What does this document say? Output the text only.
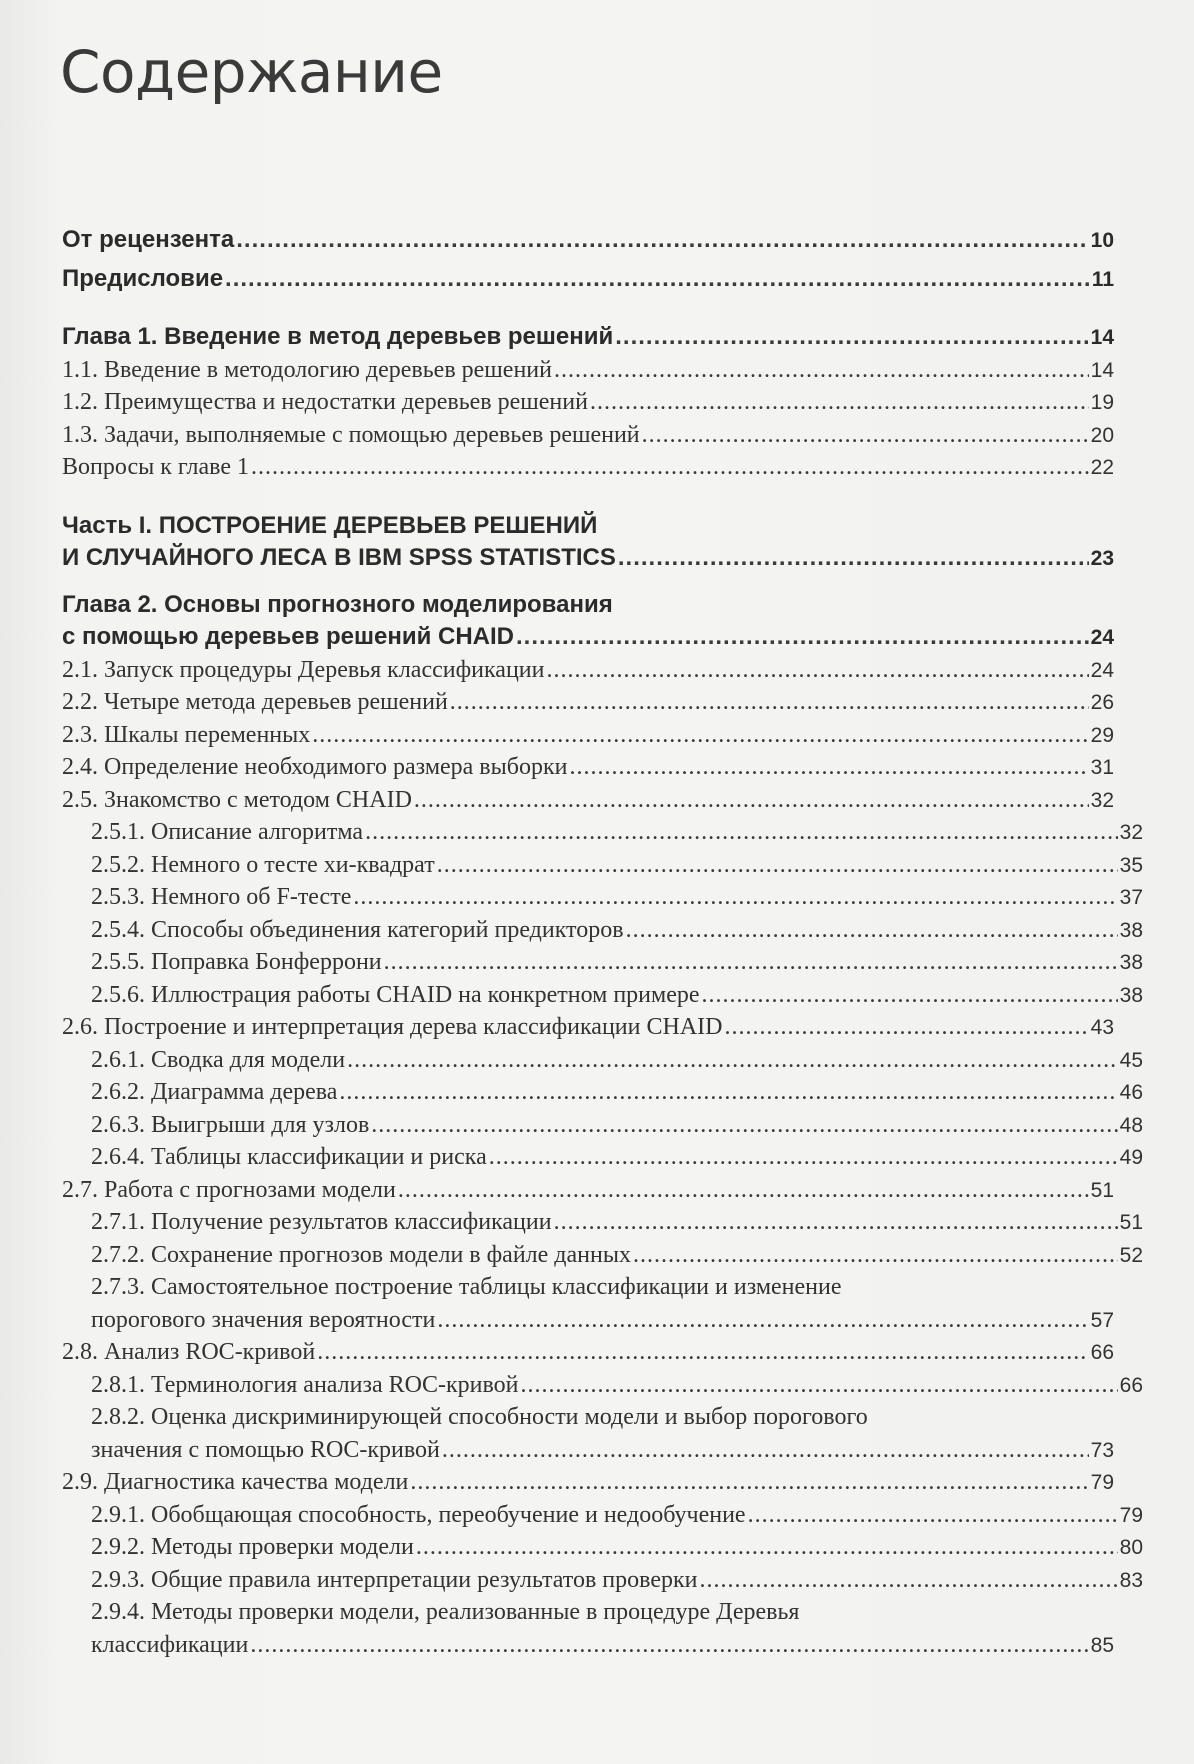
Содержание
От рецензента .....	10
Предисловие .....	11
Глава 1. Введение в метод деревьев решений .....	14
1.1. Введение в методологию деревьев решений .....	14
1.2. Преимущества и недостатки деревьев решений .....	19
1.3. Задачи, выполняемые с помощью деревьев решений .....	20
Вопросы к главе 1 .....	22
Часть I. ПОСТРОЕНИЕ ДЕРЕВЬЕВ РЕШЕНИЙ
И СЛУЧАЙНОГО ЛЕСА В IBM SPSS STATISTICS .....	23
Глава 2. Основы прогнозного моделирования
с помощью деревьев решений CHAID .....	24
2.1. Запуск процедуры Деревья классификации .....	24
2.2. Четыре метода деревьев решений .....	26
2.3. Шкалы переменных .....	29
2.4. Определение необходимого размера выборки .....	31
2.5. Знакомство с методом CHAID .....	32
2.5.1. Описание алгоритма .....	32
2.5.2. Немного о тесте хи-квадрат .....	35
2.5.3. Немного об F-тесте .....	37
2.5.4. Способы объединения категорий предикторов .....	38
2.5.5. Поправка Бонферрони .....	38
2.5.6. Иллюстрация работы CHAID на конкретном примере .....	38
2.6. Построение и интерпретация дерева классификации CHAID .....	43
2.6.1. Сводка для модели .....	45
2.6.2. Диаграмма дерева .....	46
2.6.3. Выигрыши для узлов .....	48
2.6.4. Таблицы классификации и риска .....	49
2.7. Работа с прогнозами модели .....	51
2.7.1. Получение результатов классификации .....	51
2.7.2. Сохранение прогнозов модели в файле данных .....	52
2.7.3. Самостоятельное построение таблицы классификации и изменение
порогового значения вероятности .....	57
2.8. Анализ ROC-кривой .....	66
2.8.1. Терминология анализа ROC-кривой .....	66
2.8.2. Оценка дискриминирующей способности модели и выбор порогового
значения с помощью ROC-кривой .....	73
2.9. Диагностика качества модели .....	79
2.9.1. Обобщающая способность, переобучение и недообучение .....	79
2.9.2. Методы проверки модели .....	80
2.9.3. Общие правила интерпретации результатов проверки .....	83
2.9.4. Методы проверки модели, реализованные в процедуре Деревья
классификации .....	85
